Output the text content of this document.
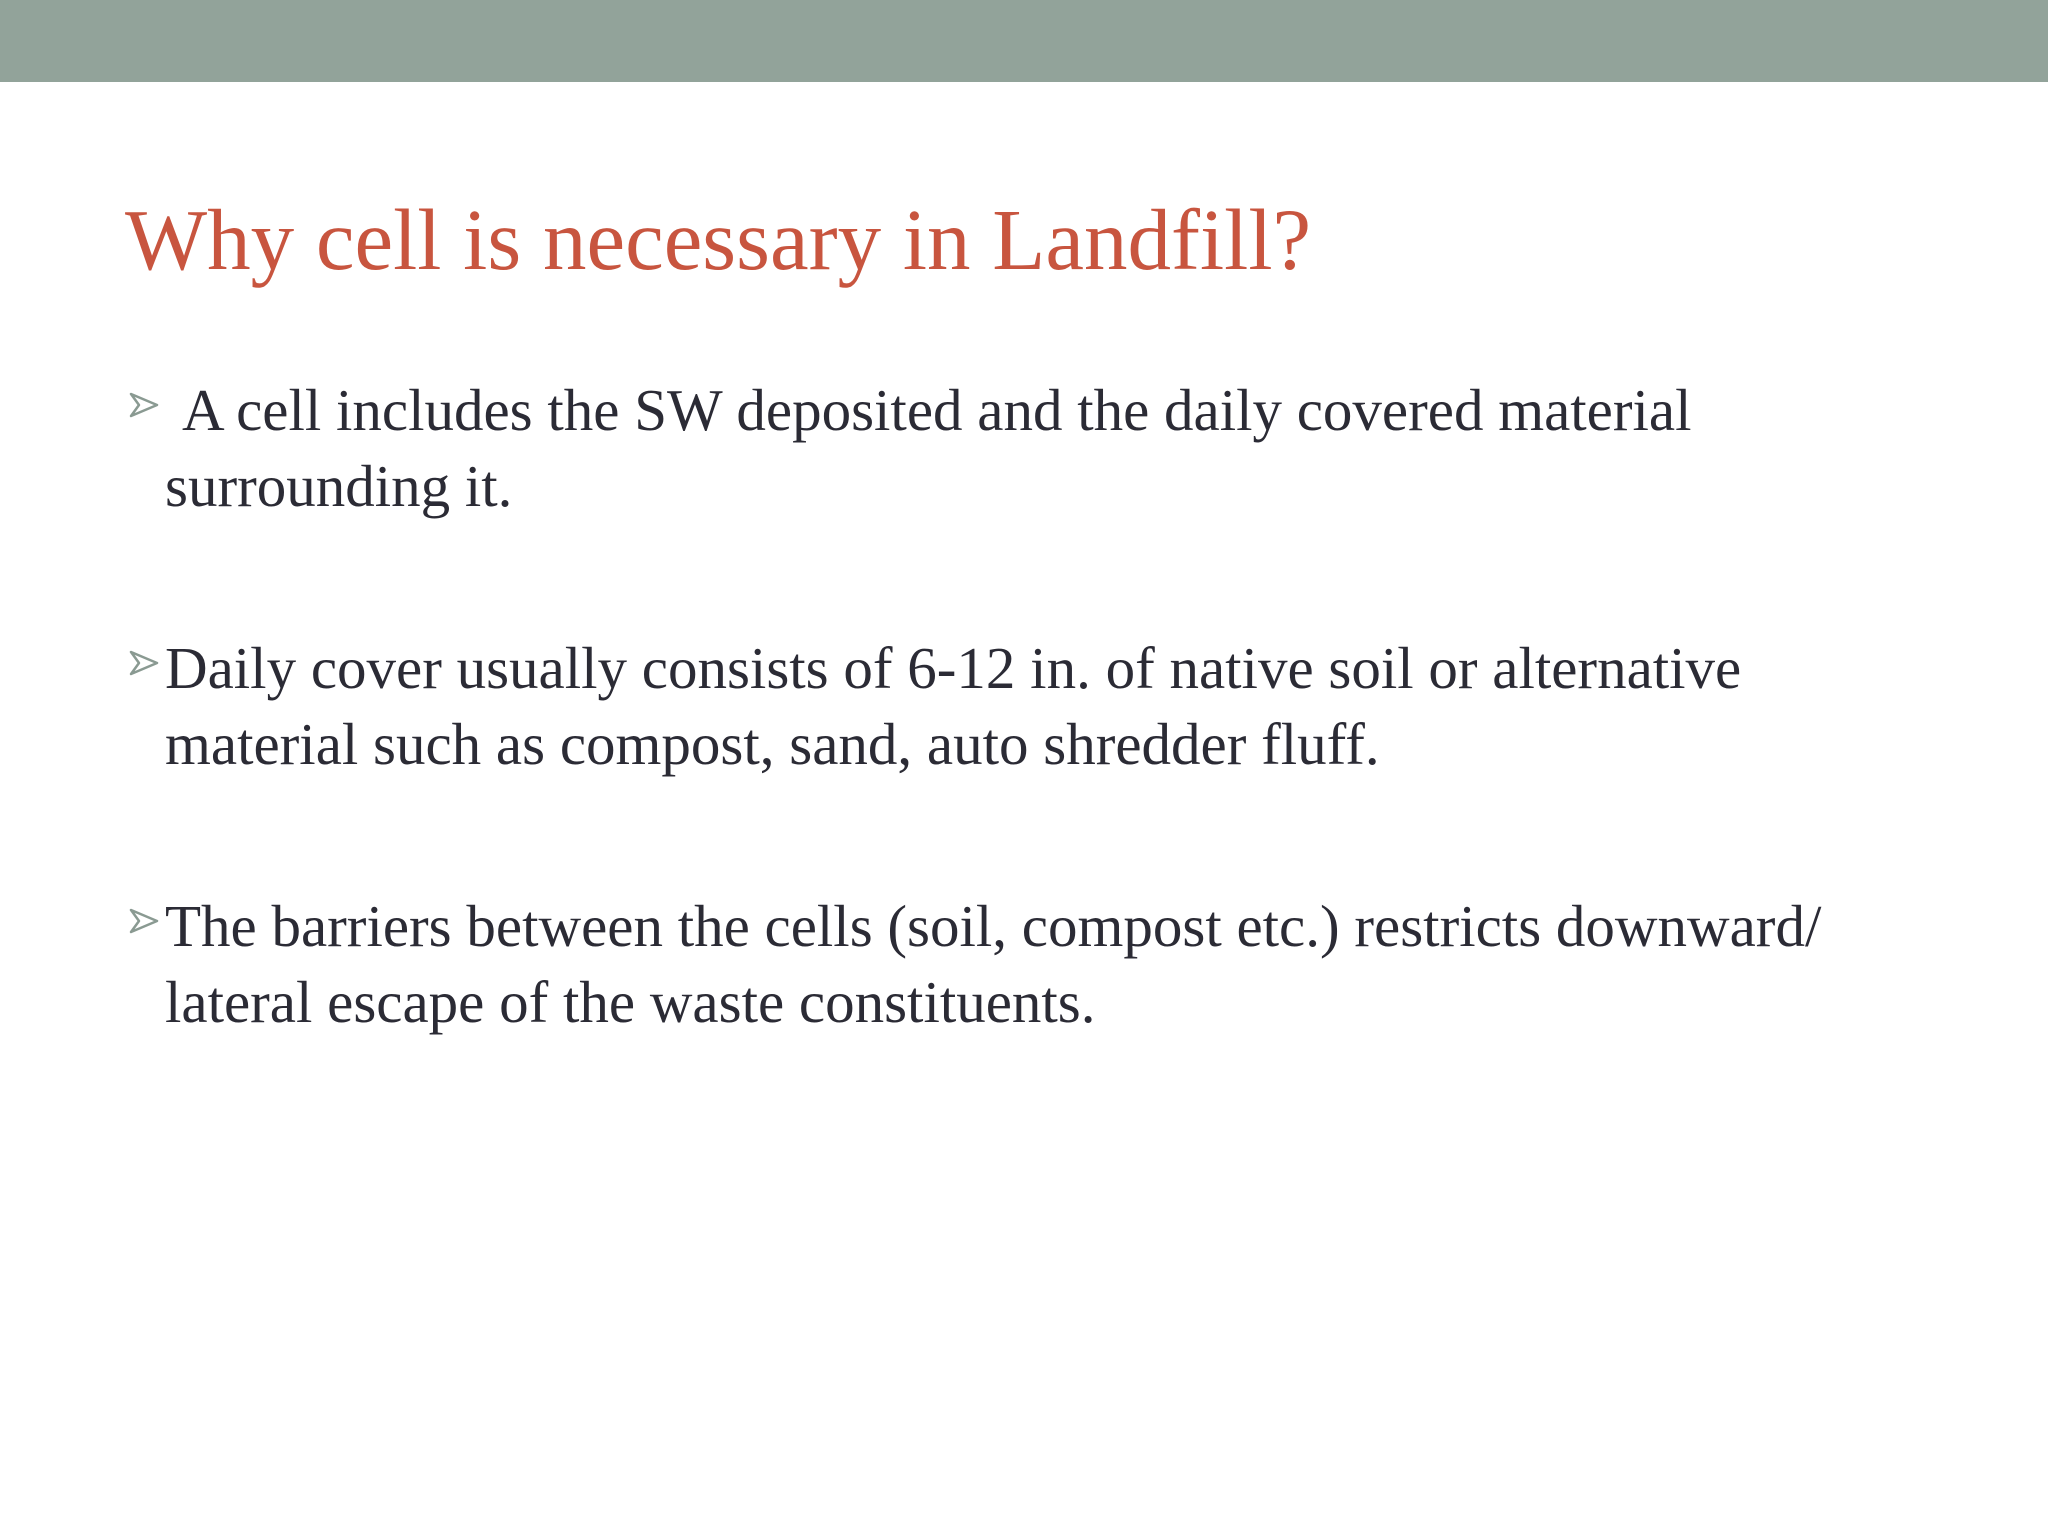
Why cell is necessary in Landfill?
A cell includes the SW deposited and the daily covered material surrounding it.
Daily cover usually consists of 6-12 in. of native soil or alternative material such as compost, sand, auto shredder fluff.
The barriers between the cells (soil, compost etc.) restricts downward/ lateral escape of the waste constituents.
